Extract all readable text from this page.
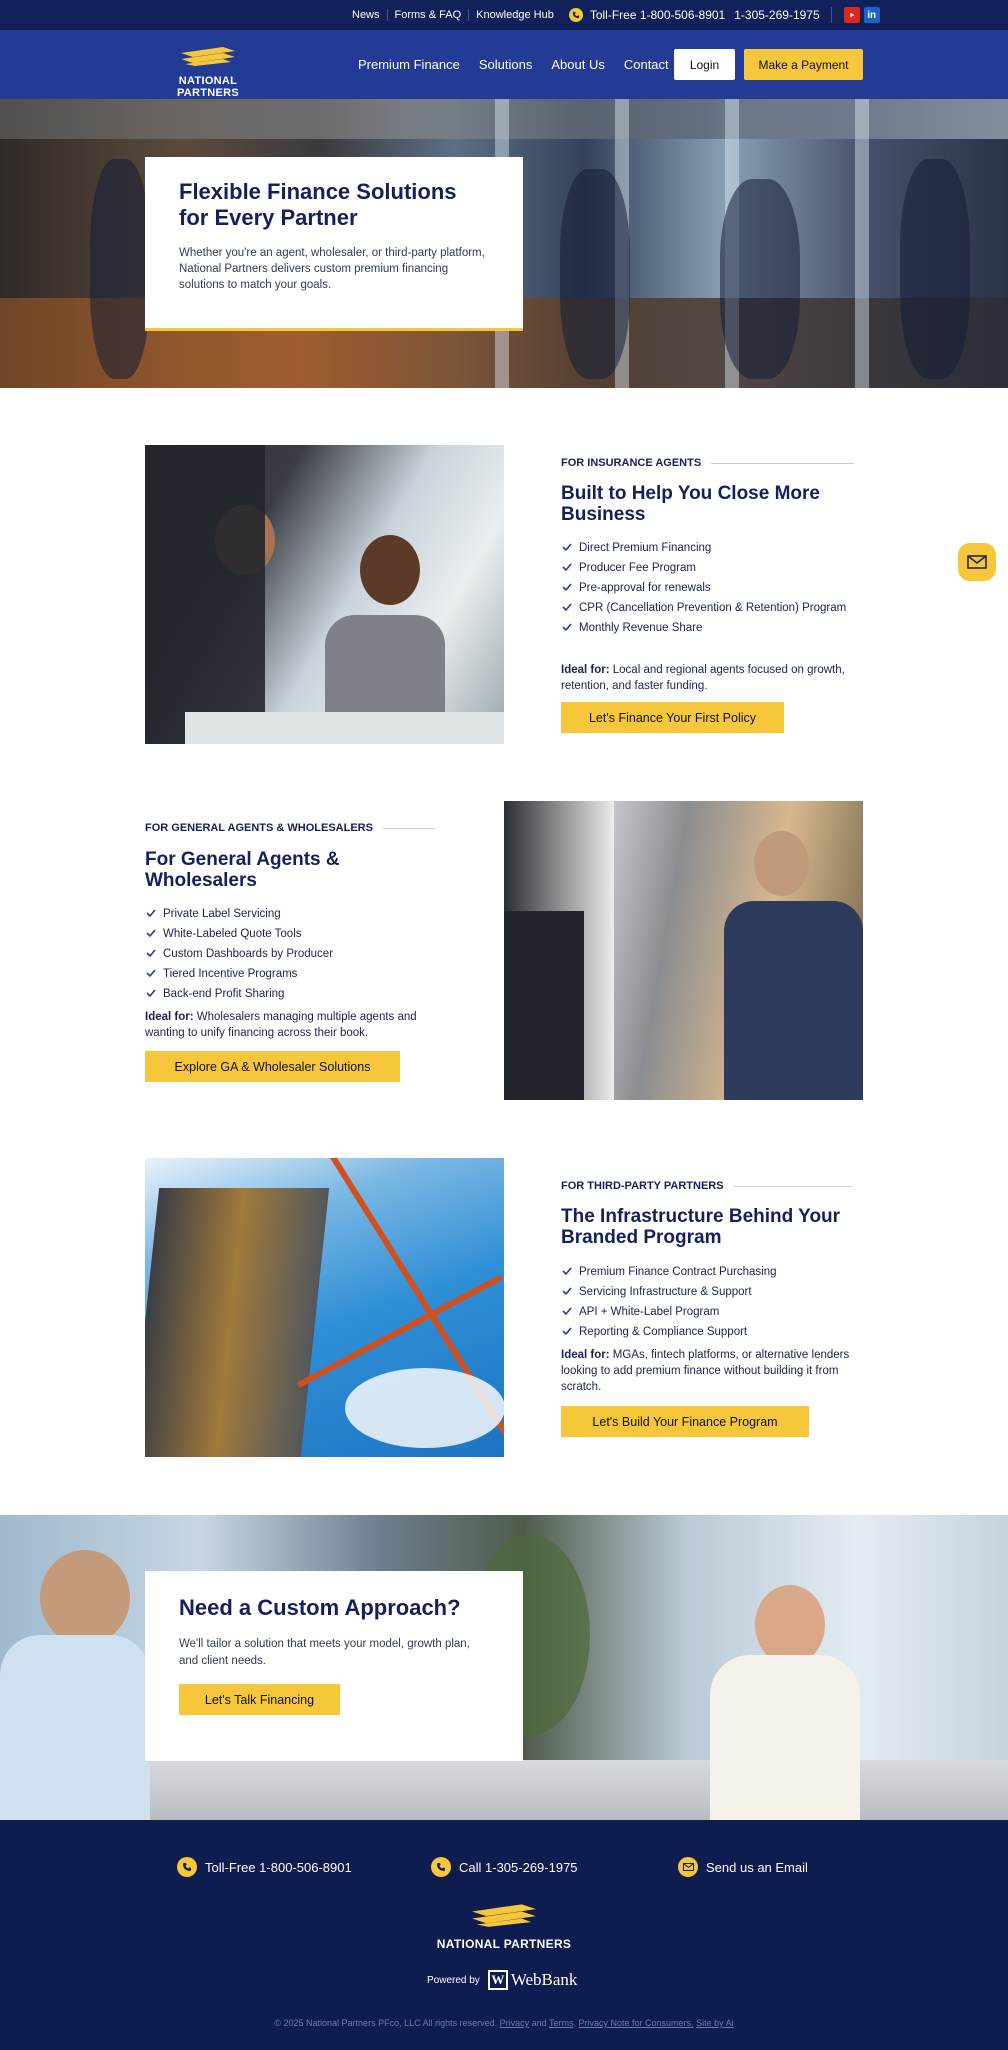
News	Forms & FAQ	Knowledge Hub	Toll-Free 1-800-506-8901 1-305-269-1975	in
NATIONAL PARTNERS
Premium Finance Solutions About Us Contact	Login	Make a Payment
Flexible Finance Solutions for Every Partner
Whether you're an agent, wholesaler, or third-party platform, National Partners delivers custom premium financing solutions to match your goals.
FOR INSURANCE AGENTS
Built to Help You Close More Business
Direct Premium Financing
Producer Fee Program
Pre-approval for renewals
CPR (Cancellation Prevention & Retention) Program
Monthly Revenue Share
Ideal for: Local and regional agents focused on growth, retention, and faster funding.
Let's Finance Your First Policy
FOR GENERAL AGENTS & WHOLESALERS
For General Agents & Wholesalers
Private Label Servicing
White-Labeled Quote Tools
Custom Dashboards by Producer
Tiered Incentive Programs
Back-end Profit Sharing
Ideal for: Wholesalers managing multiple agents and wanting to unify financing across their book.
Explore GA & Wholesaler Solutions
FOR THIRD-PARTY PARTNERS
The Infrastructure Behind Your Branded Program
Premium Finance Contract Purchasing
Servicing Infrastructure & Support
API + White-Label Program
Reporting & Compliance Support
Ideal for: MGAs, fintech platforms, or alternative lenders looking to add premium finance without building it from scratch.
Let's Build Your Finance Program
Need a Custom Approach?
We'll tailor a solution that meets your model, growth plan, and client needs.
Let's Talk Financing
Toll-Free 1-800-506-8901	Call 1-305-269-1975	Send us an Email
NATIONAL PARTNERS
Powered by W WebBank
© 2025 National Partners PFco, LLC All rights reserved. Privacy and Terms. Privacy Note for Consumers. Site by Ai
